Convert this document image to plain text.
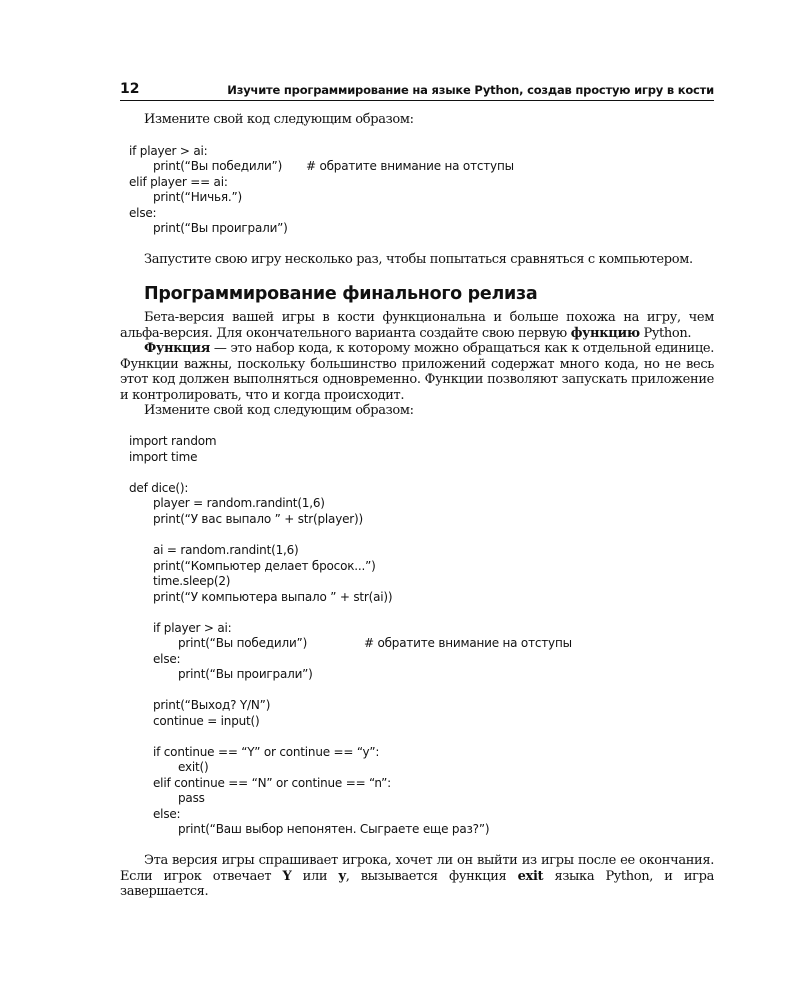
12	Изучите программирование на языке Python, создав простую игру в кости
Измените свой код следующим образом:
if player > ai:
print(“Вы победили”) # обратите внимание на отступы
elif player == ai:
print(“Ничья.”)
else:
print(“Вы проиграли”)
Запустите свою игру несколько раз, чтобы попытаться сравняться с компьютером.
Программирование финального релиза

Бета-версия вашей игры в кости функциональна и больше похожа на игру, чем альфа-версия. Для окончательного варианта создайте свою первую функцию Python.

Функция — это набор кода, к которому можно обращаться как к отдельной единице. Функции важны, поскольку большинство приложений содержат много кода, но не весь этот код должен выполняться одновременно. Функции позволяют запускать приложение и контролировать, что и когда происходит.

Измените свой код следующим образом:

import random
import time
def dice():
player = random.randint(1,6)
print(“У вас выпало ” + str(player))
ai = random.randint(1,6)
print(“Компьютер делает бросок...”)
time.sleep(2)
print(“У компьютера выпало ” + str(ai))
if player > ai:
print(“Вы победили”)	# обратите внимание на отступы
else:
print(“Вы проиграли”)
print(“Выход? Y/N”)
continue = input()
if continue == “Y” or continue == “y”:
exit()
elif continue == “N” or continue == “n”:
pass
else:
print(“Ваш выбор непонятен. Сыграете еще раз?”)

Эта версия игры спрашивает игрока, хочет ли он выйти из игры после ее окончания. Если игрок отвечает Y или y, вызывается функция exit языка Python, и игра завершается.
